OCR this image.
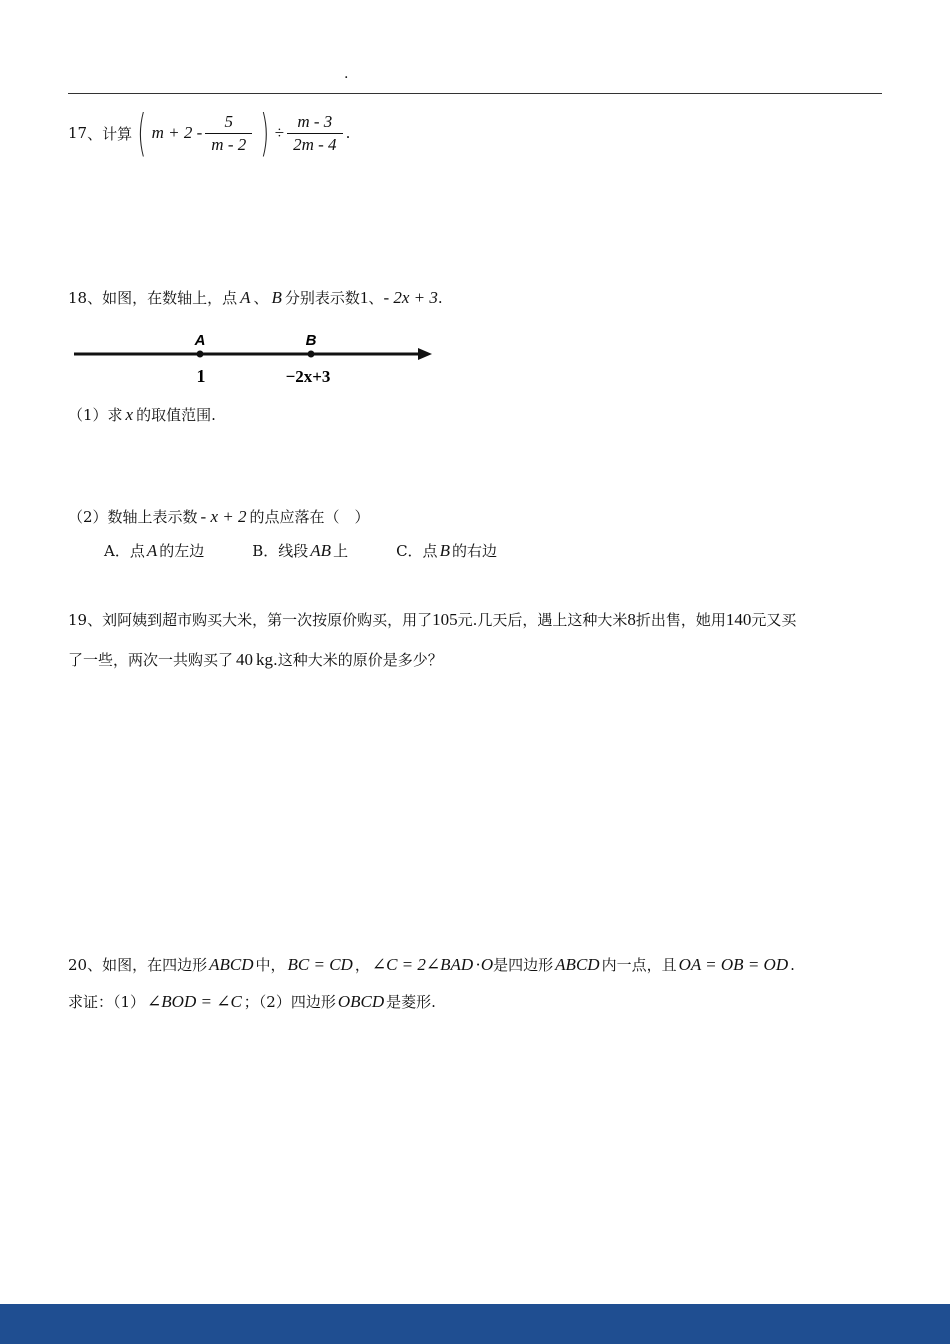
.
17 、计算 ( $m + 2 - \frac{5}{m - 2}$ ) ÷ $\frac{m - 3}{2m - 4}$ .
18 、如图，在数轴上，点 A 、 B 分别表示数 1 、 - 2x + 3 .
A	B
1	−2x+3
（1）求 x 的取值范围.
（2）数轴上表示数 - x + 2 的点应落在（　）
A．点 A 的左边	B．线段 AB 上	C．点 B 的右边
19 、刘阿姨到超市购买大米，第一次按原价购买，用了 105 元.几天后，遇上这种大米 8 折出售，她用 140 元又买
了一些，两次一共购买了 40 kg .这种大米的原价是多少？
20 、如图，在四边形 ABCD 中， BC = CD ， ∠C = 2∠BAD · O 是四边形 ABCD 内一点，且 OA = OB = OD .
求证：（1） ∠BOD = ∠C ；（2）四边形 OBCD 是菱形.
